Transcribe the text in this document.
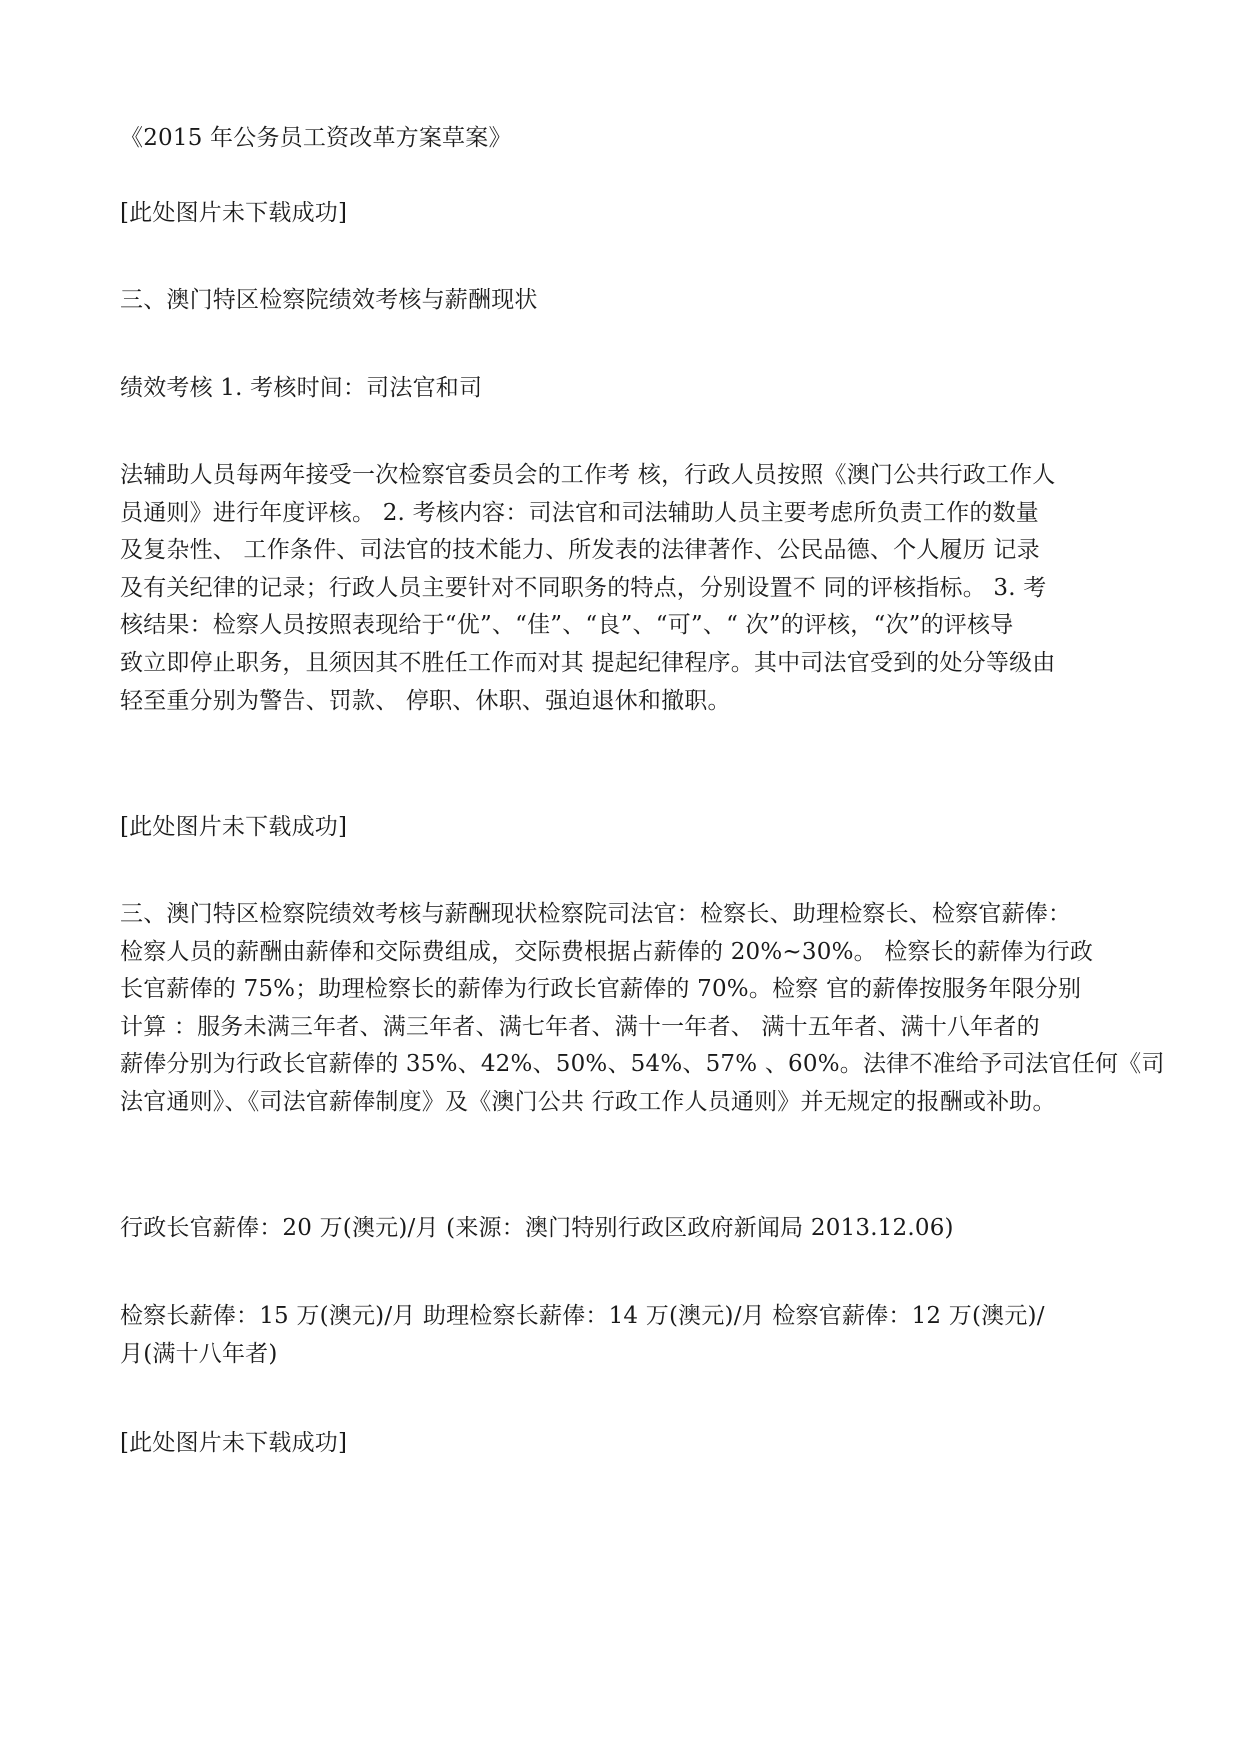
《2015 年公务员工资改革方案草案》

[此处图片未下载成功]

三、澳门特区检察院绩效考核与薪酬现状

绩效考核 1. 考核时间：司法官和司

法辅助人员每两年接受一次检察官委员会的工作考 核，行政人员按照《澳门公共行政工作人
员通则》进行年度评核。 2. 考核内容：司法官和司法辅助人员主要考虑所负责工作的数量
及复杂性、 工作条件、司法官的技术能力、所发表的法律著作、公民品德、个人履历 记录
及有关纪律的记录；行政人员主要针对不同职务的特点，分别设置不 同的评核指标。 3. 考
核结果：检察人员按照表现给于“优”、“佳”、“良”、“可”、“ 次”的评核，“次”的评核导
致立即停止职务，且须因其不胜任工作而对其 提起纪律程序。其中司法官受到的处分等级由
轻至重分别为警告、罚款、 停职、休职、强迫退休和撤职。

[此处图片未下载成功]

三、澳门特区检察院绩效考核与薪酬现状检察院司法官：检察长、助理检察长、检察官薪俸：
检察人员的薪酬由薪俸和交际费组成，交际费根据占薪俸的 20%~30%。 检察长的薪俸为行政
长官薪俸的 75%；助理检察长的薪俸为行政长官薪俸的 70%。检察 官的薪俸按服务年限分别
计算 ：服务未满三年者、满三年者、满七年者、满十一年者、 满十五年者、满十八年者的
薪俸分别为行政长官薪俸的 35%、42%、50%、54%、57% 、60%。法律不准给予司法官任何《司
法官通则》、《司法官薪俸制度》及《澳门公共 行政工作人员通则》并无规定的报酬或补助。

行政长官薪俸：20 万(澳元)/月 (来源：澳门特别行政区政府新闻局 2013.12.06)

检察长薪俸：15 万(澳元)/月 助理检察长薪俸：14 万(澳元)/月 检察官薪俸：12 万(澳元)/
月(满十八年者)

[此处图片未下载成功]
